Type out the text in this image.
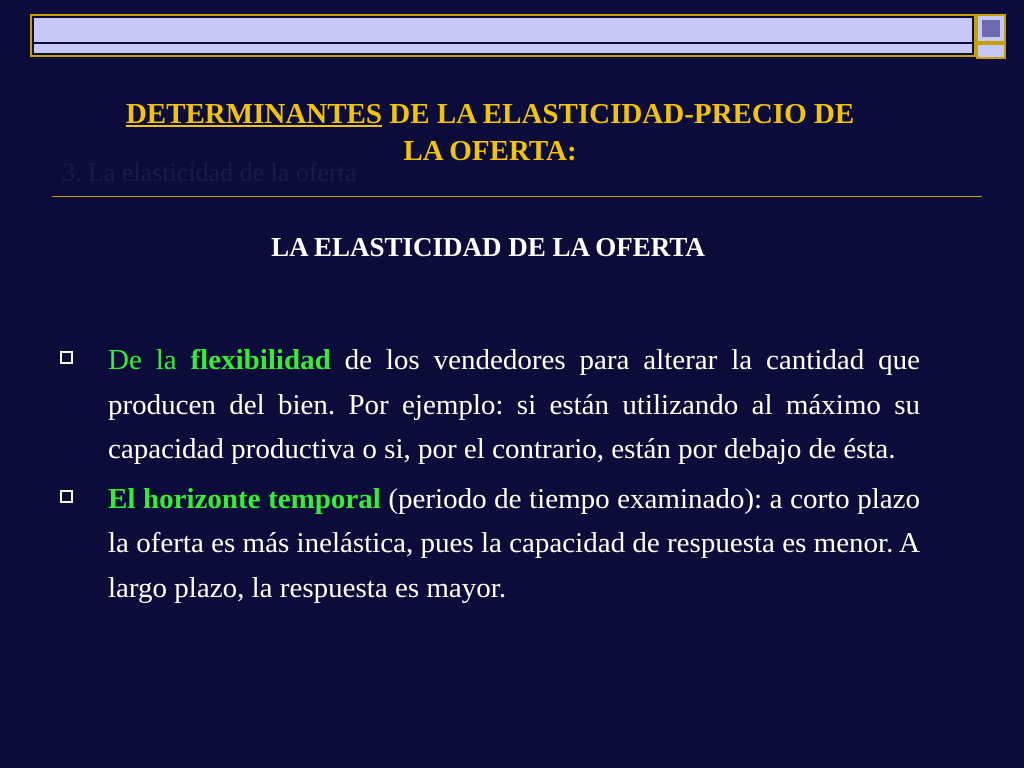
DETERMINANTES DE LA ELASTICIDAD-PRECIO DE
LA OFERTA:

3. La elasticidad de la oferta

LA ELASTICIDAD DE LA OFERTA
De la flexibilidad de los vendedores para alterar la cantidad que producen del bien. Por ejemplo: si están utilizando al máximo su capacidad productiva o si, por el contrario, están por debajo de ésta.
El horizonte temporal (periodo de tiempo examinado): a corto plazo la oferta es más inelástica, pues la capacidad de respuesta es menor. A largo plazo, la respuesta es mayor.
